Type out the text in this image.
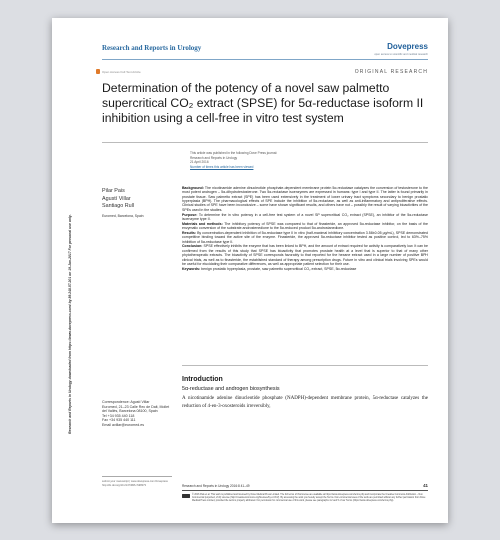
Research and Reports in Urology	Dovepress
open access to scientific and medical research
Open Access Full Text Article	ORIGINAL RESEARCH
Determination of the potency of a novel saw palmetto supercritical CO₂ extract (SPSE) for 5α-reductase isoform II inhibition using a cell-free in vitro test system
This article was published in the following Dove Press journal:
Research and Reports in Urology
21 April 2016
Number of times this article has been viewed
Research and Reports in Urology downloaded from https://www.dovepress.com/ by 89.248.57.201 on 19-Jan-2017 For personal use only.
Pilar Pais
Agustí Villar
Santiago Rull
Euromed, Barcelona, Spain

Background: The nicotinamide adenine dinucleotide phosphate-dependent membrane protein 5α-reductase catalyzes the conversion of testosterone to the most potent androgen – 5α-dihydrotestosterone. Two 5α-reductase isoenzymes are expressed in humans: type I and type II. The latter is found primarily in prostate tissue. Saw palmetto extract (SPE) has been used extensively in the treatment of lower urinary tract symptoms secondary to benign prostatic hyperplasia (BPH). The pharmacological effects of SPE include the inhibition of 5α-reductase, as well as anti-inflammatory and antiproliferative effects. Clinical studies of SPE have been inconclusive – some have shown significant results, and others have not – possibly the result of varying bioactivities of the SPEs used in the studies.

Purpose: To determine the in vitro potency in a cell-free test system of a novel SP supercritical CO₂ extract (SPSE), an inhibitor of the 5α-reductase isoenzyme type II.

Materials and methods: The inhibitory potency of SPSE was compared to that of finasteride, an approved 5α-reductase inhibitor, on the basis of the enzymatic conversion of the substrate androstenedione to the 5α-reduced product 5α-androstanedione.

Results: By concentration-dependent inhibition of 5α-reductase type II in vitro (half-maximal inhibitory concentration 3.58±0.05 μg/mL), SPSE demonstrated competitive binding toward the active site of the enzyme. Finasteride, the approved 5α-reductase inhibitor tested as positive control, led to 63%–75% inhibition of 5α-reductase type II.

Conclusion: SPSE effectively inhibits the enzyme that has been linked to BPH, and the amount of extract required for activity is comparatively low. It can be confirmed from the results of this study that SPSE has bioactivity that promotes prostate health at a level that is superior to that of many other phytotherapeutic extracts. The bioactivity of SPSE corresponds favorably to that reported for the hexane extract used in a large number of positive BPH clinical trials, as well as to finasteride, the established standard of therapy among prescription drugs. Future in vitro and clinical trials involving SPEs would be useful for elucidating their comparative differences, as well as appropriate patient selection for their use.

Keywords: benign prostatic hyperplasia, prostate, saw palmetto supercritical CO₂ extract, SPSE, 5α-reductase

Correspondence: Agustí Villar
Euromed, 21–23 Calle Rec de Dalt, Mollet
del Vallès, Barcelona 08100, Spain
Tel +34 935 440 118
Fax +34 935 440 111
Email avillar@euromed.es
Introduction
5α-reductase and androgen biosynthesis
A nicotinamide adenine dinucleotide phosphate (NADPH)-dependent membrane protein, 5α-reductase catalyzes the reduction of 4-en-3-oxosteroids irreversibly,
submit your manuscript | www.dovepress.com Dovepress http://dx.doi.org/10.2147/RRU.S98373	Research and Reports in Urology 2016:8 41–49	41
© 2016 Pais et al. This work is published and licensed by Dove Medical Press Limited. The full terms of this license are available at https://www.dovepress.com/terms.php and incorporate the Creative Commons Attribution – Non Commercial (unported, v3.0) License (http://creativecommons.org/licenses/by-nc/3.0/). By accessing the work you hereby accept the Terms. Non-commercial uses of the work are permitted without any further permission from Dove Medical Press Limited, provided the work is properly attributed. For permission for commercial use of this work, please see paragraphs 4.2 and 5 of our Terms (https://www.dovepress.com/terms.php).
